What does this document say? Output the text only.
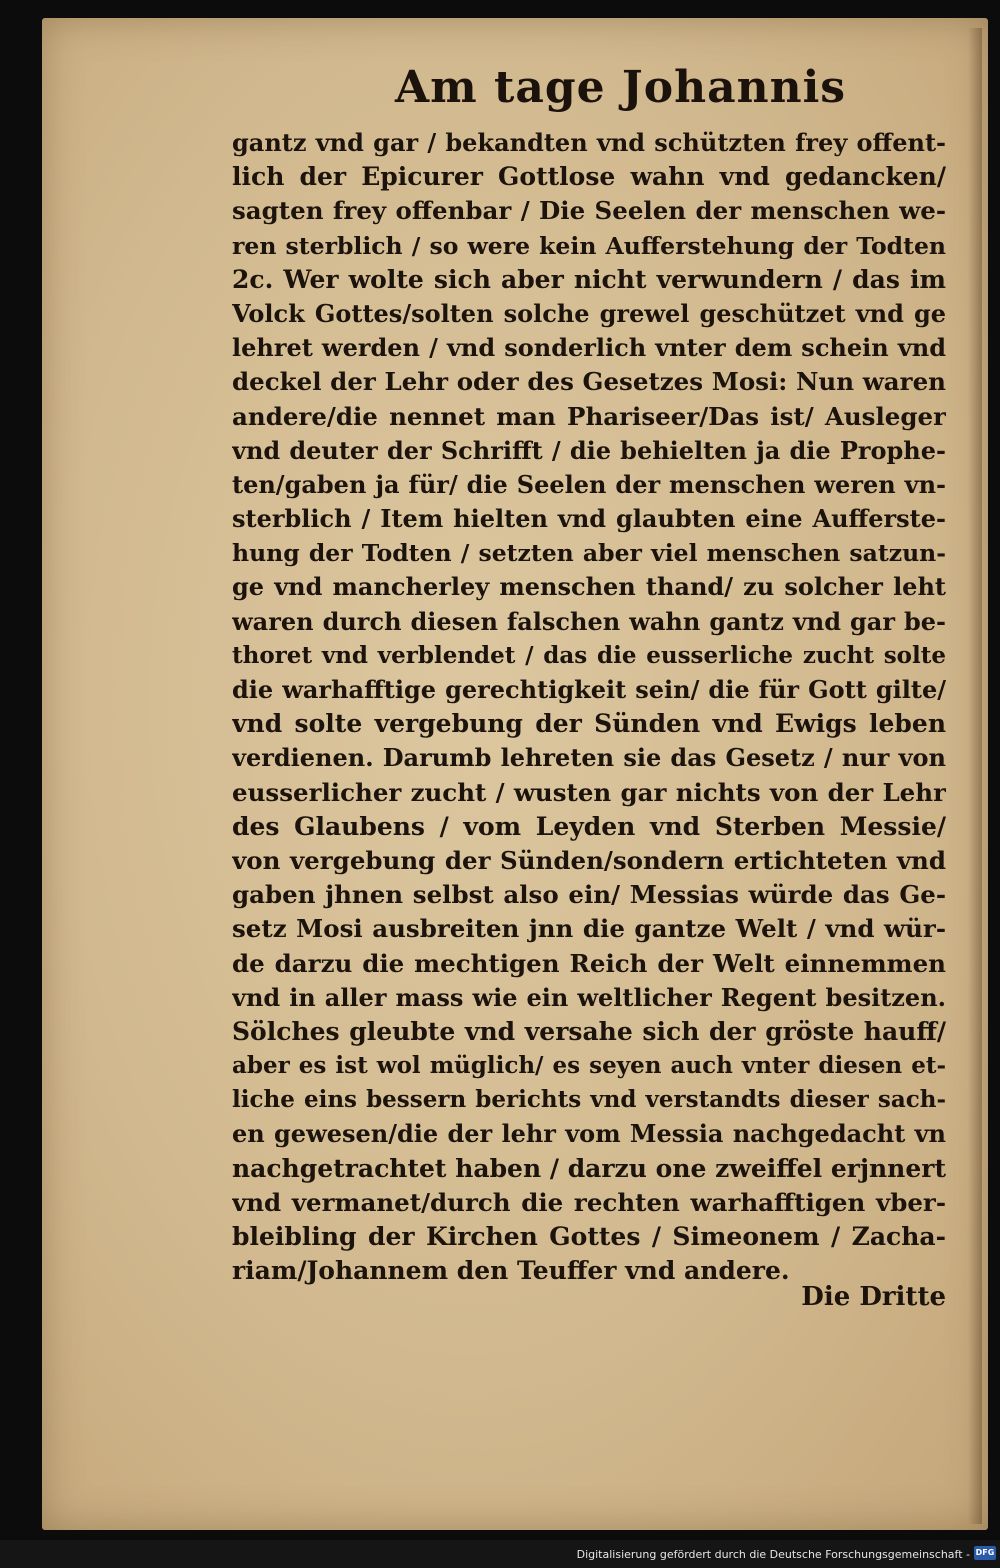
Am tage Johannis
gantz vnd gar / bekandten vnd schützten frey offent-
lich der Epicurer Gottlose wahn vnd gedancken/
sagten frey offenbar / Die Seelen der menschen we-
ren sterblich / so were kein Aufferstehung der Todten
2c. Wer wolte sich aber nicht verwundern / das im
Volck Gottes/solten solche grewel geschützet vnd ge
lehret werden / vnd sonderlich vnter dem schein vnd
deckel der Lehr oder des Gesetzes Mosi: Nun waren
andere/die nennet man Phariseer/Das ist/ Ausleger
vnd deuter der Schrifft / die behielten ja die Prophe-
ten/gaben ja für/ die Seelen der menschen weren vn-
sterblich / Item hielten vnd glaubten eine Aufferste-
hung der Todten / setzten aber viel menschen satzun-
ge vnd mancherley menschen thand/ zu solcher leht
waren durch diesen falschen wahn gantz vnd gar be-
thoret vnd verblendet / das die eusserliche zucht solte
die warhafftige gerechtigkeit sein/ die für Gott gilte/
vnd solte vergebung der Sünden vnd Ewigs leben
verdienen. Darumb lehreten sie das Gesetz / nur von
eusserlicher zucht / wusten gar nichts von der Lehr
des Glaubens / vom Leyden vnd Sterben Messie/
von vergebung der Sünden/sondern ertichteten vnd
gaben jhnen selbst also ein/ Messias würde das Ge-
setz Mosi ausbreiten jnn die gantze Welt / vnd wür-
de darzu die mechtigen Reich der Welt einnemmen
vnd in aller mass wie ein weltlicher Regent besitzen.
Sölches gleubte vnd versahe sich der gröste hauff/
aber es ist wol müglich/ es seyen auch vnter diesen et-
liche eins bessern berichts vnd verstandts dieser sach-
en gewesen/die der lehr vom Messia nachgedacht vn
nachgetrachtet haben / darzu one zweiffel erjnnert
vnd vermanet/durch die rechten warhafftigen vber-
bleibling der Kirchen Gottes / Simeonem / Zacha-
riam/Johannem den Teuffer vnd andere.
Die Dritte
Digitalisierung gefördert durch die Deutsche Forschungsgemeinschaft - DFG
